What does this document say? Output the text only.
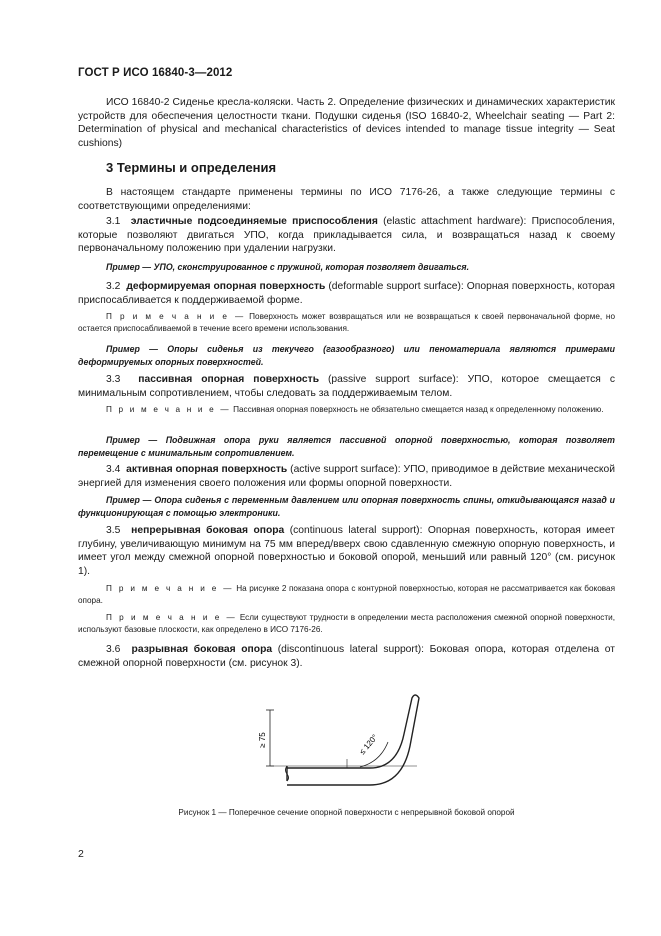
ГОСТ Р ИСО 16840-3—2012
ИСО 16840-2 Сиденье кресла-коляски. Часть 2. Определение физических и динамических характеристик устройств для обеспечения целостности ткани. Подушки сиденья (ISO 16840-2, Wheelchair seating — Part 2: Determination of physical and mechanical characteristics of devices intended to manage tissue integrity — Seat cushions)
3 Термины и определения
В настоящем стандарте применены термины по ИСО 7176-26, а также следующие термины с соответствующими определениями:
3.1 эластичные подсоединяемые приспособления (elastic attachment hardware): Приспособления, которые позволяют двигаться УПО, когда прикладывается сила, и возвращаться назад к своему первоначальному положению при удалении нагрузки.
Пример — УПО, сконструированное с пружиной, которая позволяет двигаться.
3.2 деформируемая опорная поверхность (deformable support surface): Опорная поверхность, которая приспосабливается к поддерживаемой форме.
П р и м е ч а н и е — Поверхность может возвращаться или не возвращаться к своей первоначальной форме, но остается приспосабливаемой в течение всего времени использования.
Пример — Опоры сиденья из текучего (газообразного) или пеноматериала являются примерами деформируемых опорных поверхностей.
3.3 пассивная опорная поверхность (passive support surface): УПО, которое смещается с минимальным сопротивлением, чтобы следовать за поддерживаемым телом.
П р и м е ч а н и е — Пассивная опорная поверхность не обязательно смещается назад к определенному положению.
Пример — Подвижная опора руки является пассивной опорной поверхностью, которая позволяет перемещение с минимальным сопротивлением.
3.4 активная опорная поверхность (active support surface): УПО, приводимое в действие механической энергией для изменения своего положения или формы опорной поверхности.
Пример — Опора сиденья с переменным давлением или опорная поверхность спины, откидывающаяся назад и функционирующая с помощью электроники.
3.5 непрерывная боковая опора (continuous lateral support): Опорная поверхность, которая имеет глубину, увеличивающую минимум на 75 мм вперед/вверх свою сдавленную смежную опорную поверхность, и имеет угол между смежной опорной поверхностью и боковой опорой, меньший или равный 120° (см. рисунок 1).
П р и м е ч а н и е — На рисунке 2 показана опора с контурной поверхностью, которая не рассматривается как боковая опора.
П р и м е ч а н и е — Если существуют трудности в определении места расположения смежной опорной поверхности, используют базовые плоскости, как определено в ИСО 7176-26.
3.6 разрывная боковая опора (discontinuous lateral support): Боковая опора, которая отделена от смежной опорной поверхности (см. рисунок 3).
≥ 75	≤ 120°
Рисунок 1 — Поперечное сечение опорной поверхности с непрерывной боковой опорой
2
